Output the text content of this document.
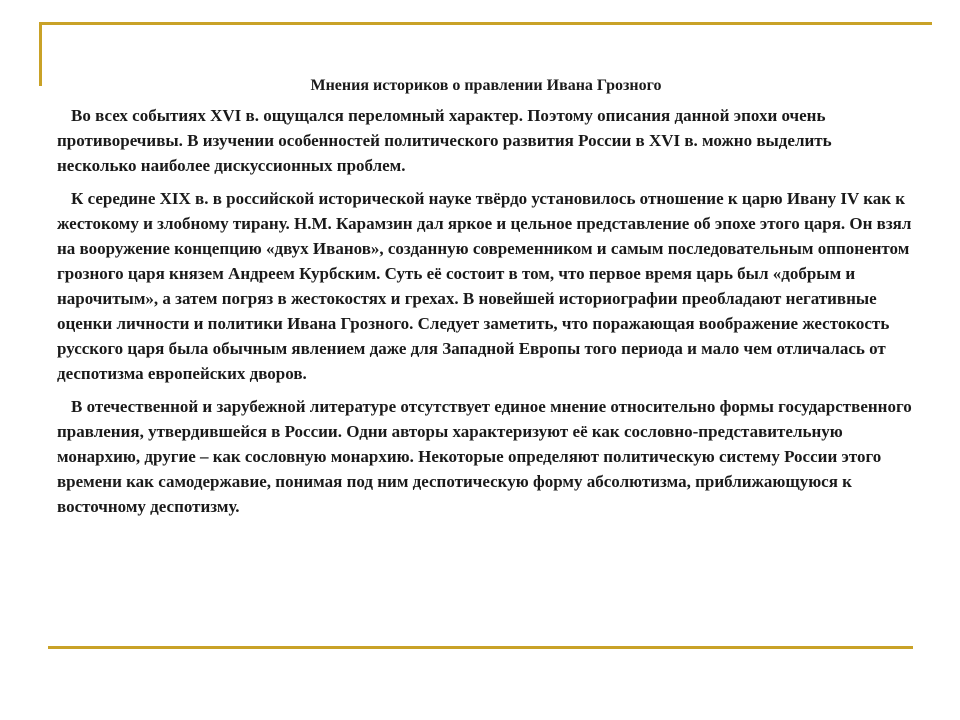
Мнения историков о правлении Ивана Грозного

Во всех событиях XVI в. ощущался переломный характер. Поэтому описания данной эпохи очень противоречивы. В изучении особенностей политического развития России в XVI в. можно выделить несколько наиболее дискуссионных проблем.

К середине XIX в. в российской исторической науке твёрдо установилось отношение к царю Ивану IV как к жестокому и злобному тирану. Н.М. Карамзин дал яркое и цельное представление об эпохе этого царя. Он взял на вооружение концепцию «двух Иванов», созданную современником и самым последовательным оппонентом грозного царя князем Андреем Курбским. Суть её состоит в том, что первое время царь был «добрым и нарочитым», а затем погряз в жестокостях и грехах. В новейшей историографии преобладают негативные оценки личности и политики Ивана Грозного. Следует заметить, что поражающая воображение жестокость русского царя была обычным явлением даже для Западной Европы того периода и мало чем отличалась от деспотизма европейских дворов.

В отечественной и зарубежной литературе отсутствует единое мнение относительно формы государственного правления, утвердившейся в России. Одни авторы характеризуют её как сословно-представительную монархию, другие – как сословную монархию. Некоторые определяют политическую систему России этого времени как самодержавие, понимая под ним деспотическую форму абсолютизма, приближающуюся к восточному деспотизму.
